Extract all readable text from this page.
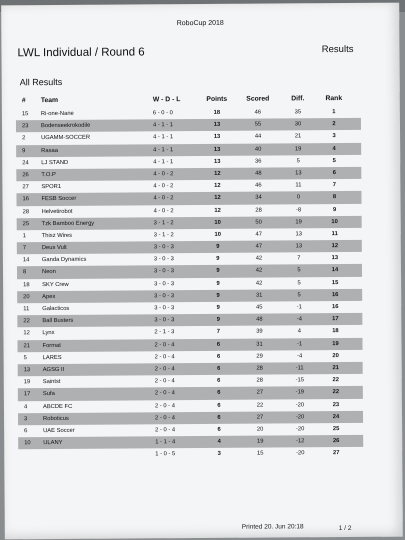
RoboCup 2018
LWL Individual / Round 6	Results
All Results
# Team	W - D - L	Points	Scored	Diff.	Rank
15 Ri-one-Nane	6 - 0 - 0	18	46	35	1
23 Bodenseekrokodile	4 - 1 - 1	13	55	30	2
2	UGAMM-SOCCER	4 - 1 - 1	13	44	21	3
9	Rasaa	4 - 1 - 1	13	40	19	4
24 LJ STAND	4 - 1 - 1	13	36	5	5
26 T.O.P	4 - 0 - 2	12	48	13	6
27 SPOR1	4 - 0 - 2	12	46	11	7
16 FESB Soccer	4 - 0 - 2	12	34	0	8
28 Helvetirobot	4 - 0 - 2	12	28	-8	9
25 Tzk Bamboo Energy	3 - 1 - 2	10	50	19	10
1	Thisz Wires	3 - 1 - 2	10	47	13	11
7	Deus Vult	3 - 0 - 3	9	47	13	12
14 Ganda Dynamics	3 - 0 - 3	9	42	7	13
8	Neon	3 - 0 - 3	9	42	5	14
18 SKY Crew	3 - 0 - 3	9	42	5	15
20 Apex	3 - 0 - 3	9	31	5	16
11 Galacticos	3 - 0 - 3	9	45	-1	16
22 Ball Busters	3 - 0 - 3	9	48	-4	17
12 Lynx	2 - 1 - 3	7	39	4	18
21 Format	2 - 0 - 4	6	31	-1	19
5	LARES	2 - 0 - 4	6	29	-4	20
13 AGSG II	2 - 0 - 4	6	28	-11	21
19 Saintst	2 - 0 - 4	6	28	-15	22
17 Sufa	2 - 0 - 4	6	27	-19	22
4	ABCDE FC	2 - 0 - 4	6	22	-20	23
3	Roboticus	2 - 0 - 4	6	27	-20	24
6	UAE Soccer	2 - 0 - 4	6	20	-20	25
10 ULANY	1 - 1 - 4	4	19	-12	26
1 - 0 - 5	3	15	-20	27
Printed 20. Jun 20:18	1 / 2
